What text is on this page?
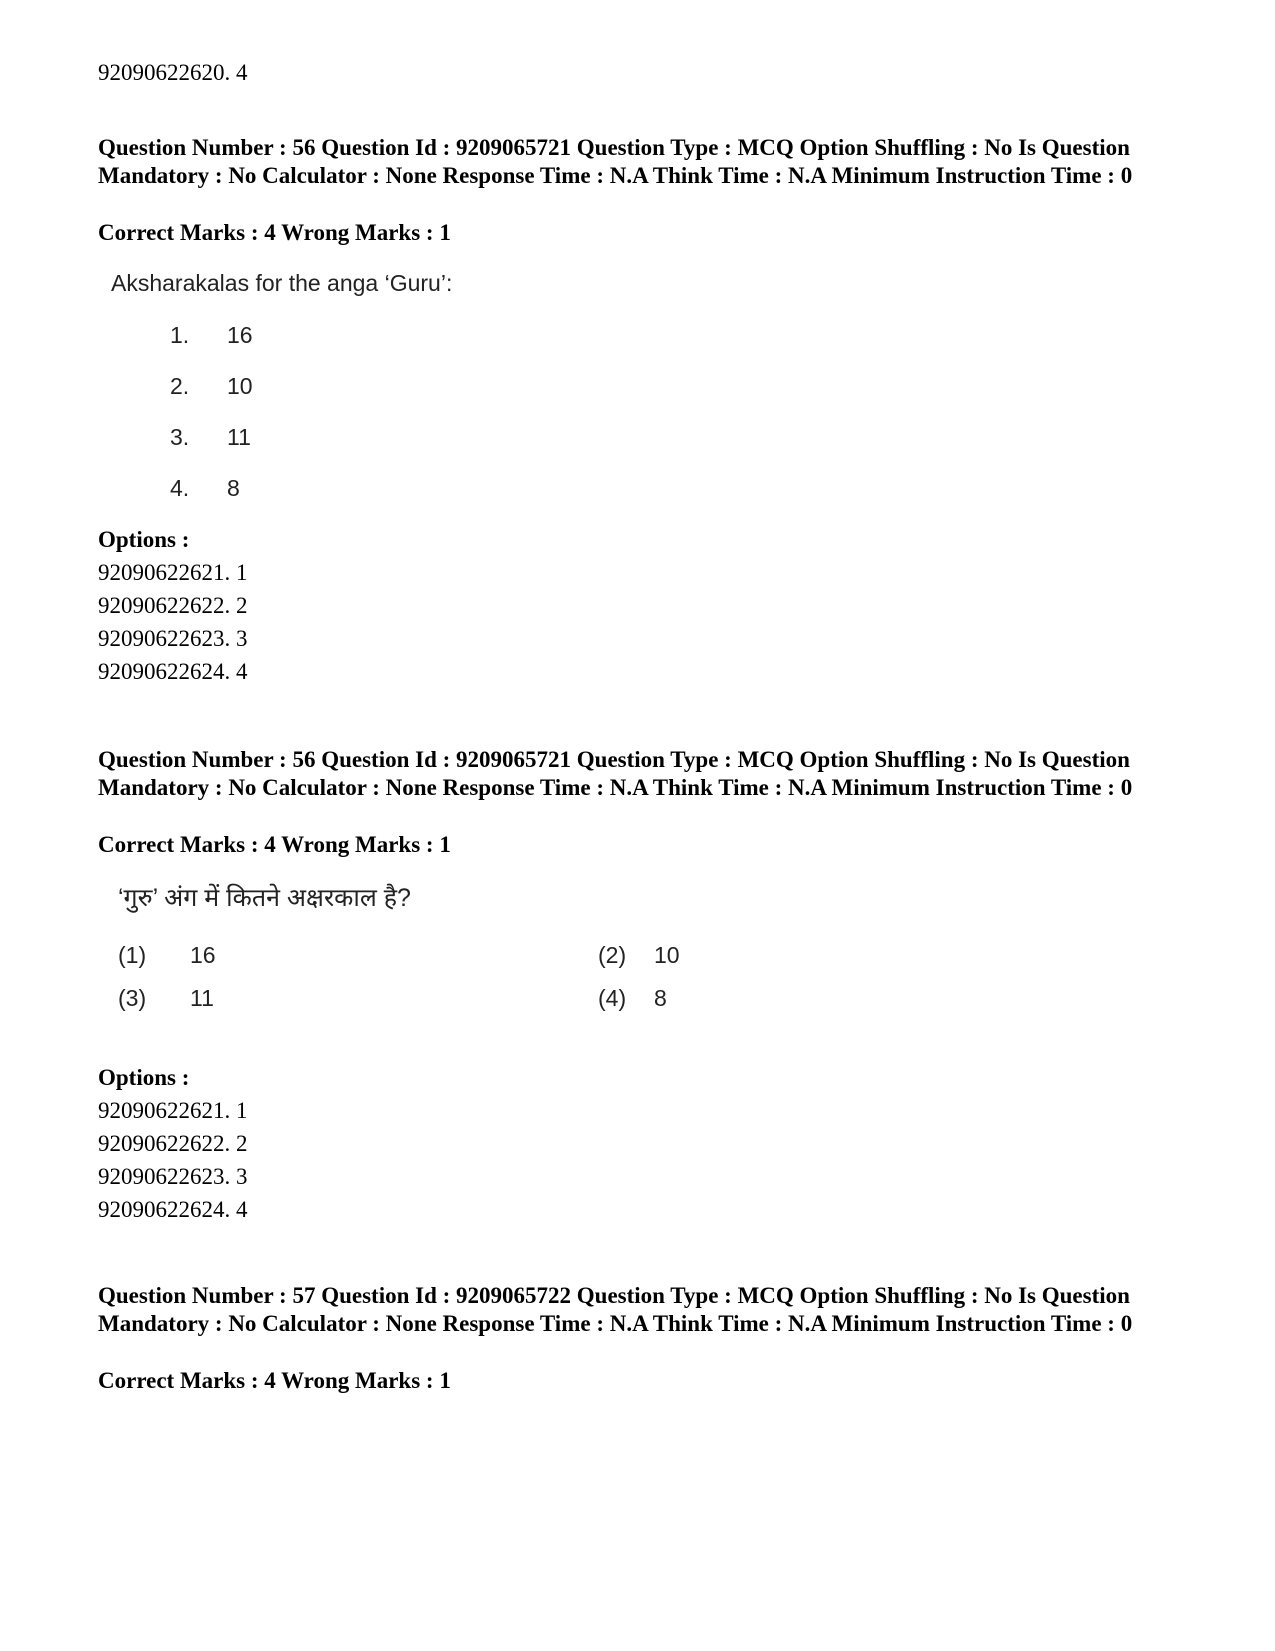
92090622620. 4
Question Number : 56 Question Id : 9209065721 Question Type : MCQ Option Shuffling : No Is Question Mandatory : No Calculator : None Response Time : N.A Think Time : N.A Minimum Instruction Time : 0
Correct Marks : 4 Wrong Marks : 1
Aksharakalas for the anga ‘Guru’:
1. 16
2. 10
3. 11
4. 8
Options :
92090622621. 1
92090622622. 2
92090622623. 3
92090622624. 4
Question Number : 56 Question Id : 9209065721 Question Type : MCQ Option Shuffling : No Is Question Mandatory : No Calculator : None Response Time : N.A Think Time : N.A Minimum Instruction Time : 0
Correct Marks : 4 Wrong Marks : 1
‘गुरु’ अंग में कितने अक्षरकाल है?
(1) 16	(2) 10
(3) 11	(4) 8
Options :
92090622621. 1
92090622622. 2
92090622623. 3
92090622624. 4
Question Number : 57 Question Id : 9209065722 Question Type : MCQ Option Shuffling : No Is Question Mandatory : No Calculator : None Response Time : N.A Think Time : N.A Minimum Instruction Time : 0
Correct Marks : 4 Wrong Marks : 1
